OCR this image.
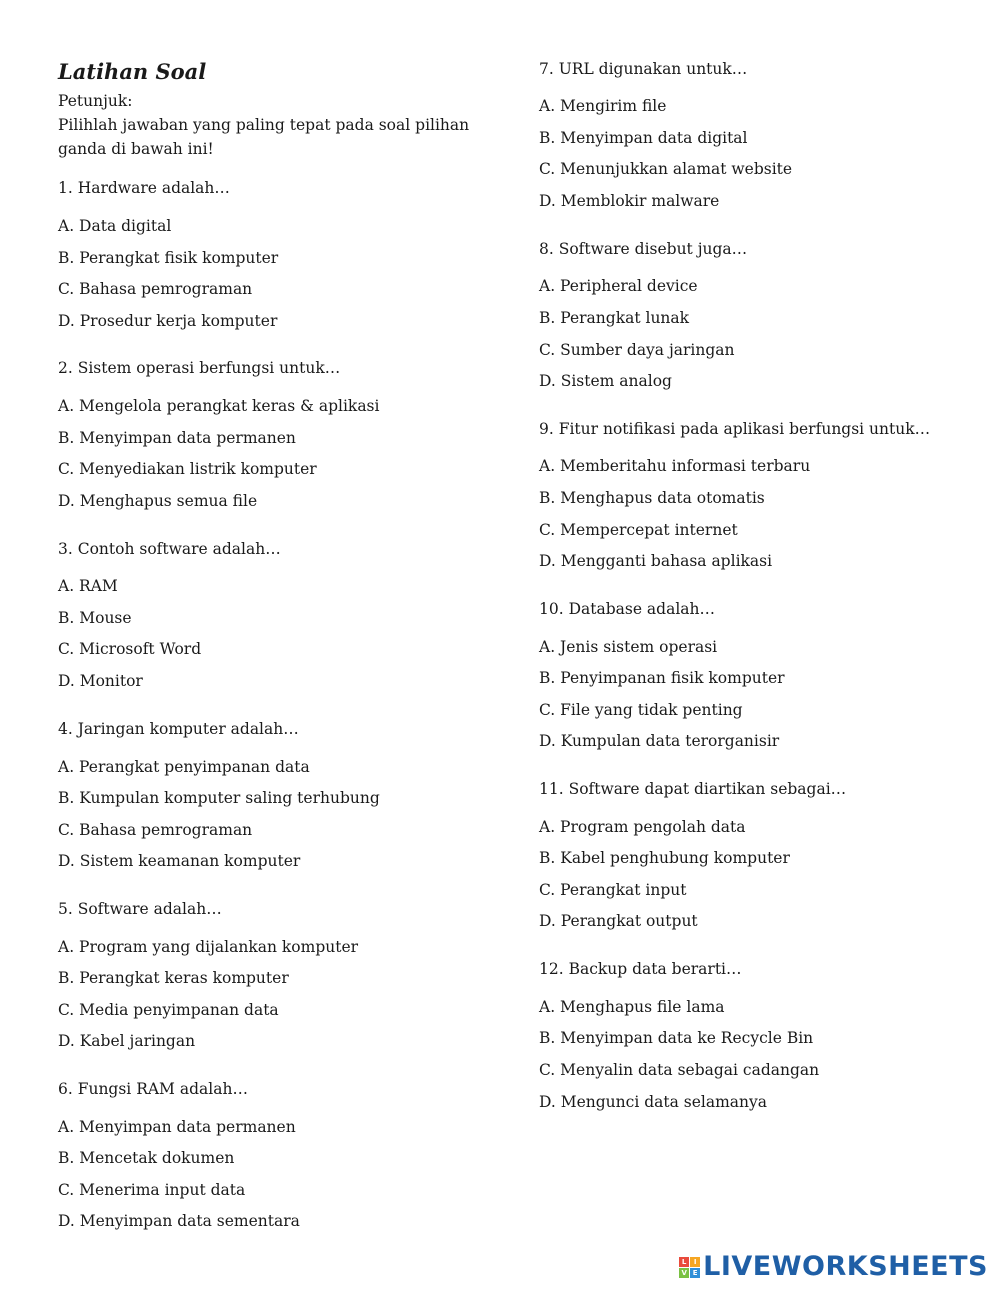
Latihan Soal
Petunjuk:
Pilihlah jawaban yang paling tepat pada soal pilihan
ganda di bawah ini!
1. Hardware adalah…
A. Data digital
B. Perangkat fisik komputer
C. Bahasa pemrograman
D. Prosedur kerja komputer
2. Sistem operasi berfungsi untuk…
A. Mengelola perangkat keras & aplikasi
B. Menyimpan data permanen
C. Menyediakan listrik komputer
D. Menghapus semua file
3. Contoh software adalah…
A. RAM
B. Mouse
C. Microsoft Word
D. Monitor
4. Jaringan komputer adalah…
A. Perangkat penyimpanan data
B. Kumpulan komputer saling terhubung
C. Bahasa pemrograman
D. Sistem keamanan komputer
5. Software adalah…
A. Program yang dijalankan komputer
B. Perangkat keras komputer
C. Media penyimpanan data
D. Kabel jaringan
6. Fungsi RAM adalah…
A. Menyimpan data permanen
B. Mencetak dokumen
C. Menerima input data
D. Menyimpan data sementara
7. URL digunakan untuk…
A. Mengirim file
B. Menyimpan data digital
C. Menunjukkan alamat website
D. Memblokir malware
8. Software disebut juga…
A. Peripheral device
B. Perangkat lunak
C. Sumber daya jaringan
D. Sistem analog
9. Fitur notifikasi pada aplikasi berfungsi untuk…
A. Memberitahu informasi terbaru
B. Menghapus data otomatis
C. Mempercepat internet
D. Mengganti bahasa aplikasi
10. Database adalah…
A. Jenis sistem operasi
B. Penyimpanan fisik komputer
C. File yang tidak penting
D. Kumpulan data terorganisir
11. Software dapat diartikan sebagai…
A. Program pengolah data
B. Kabel penghubung komputer
C. Perangkat input
D. Perangkat output
12. Backup data berarti…
A. Menghapus file lama
B. Menyimpan data ke Recycle Bin
C. Menyalin data sebagai cadangan
D. Mengunci data selamanya
L	I
V E LIVEWORKSHEETS
